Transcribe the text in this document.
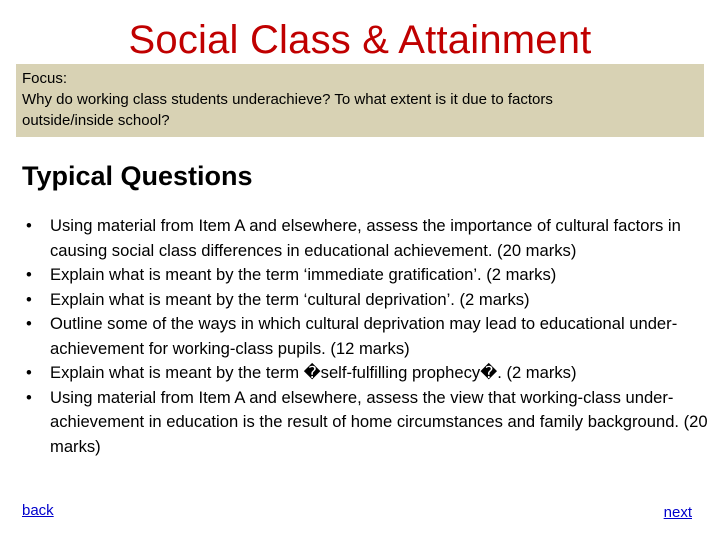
Social Class & Attainment
Focus:
Why do working class students underachieve? To what extent is it due to factors
outside/inside school?
Typical Questions
• Using material from Item A and elsewhere, assess the importance of cultural factors in causing social class differences in educational achievement. (20 marks)
• Explain what is meant by the term ‘immediate gratification’. (2 marks)
• Explain what is meant by the term ‘cultural deprivation’. (2 marks)
• Outline some of the ways in which cultural deprivation may lead to educational under-achievement for working-class pupils. (12 marks)
• Explain what is meant by the term �self-fulfilling prophecy�. (2 marks)
• Using material from Item A and elsewhere, assess the view that working-class under-achievement in education is the result of home circumstances and family background. (20 marks)
back	next
